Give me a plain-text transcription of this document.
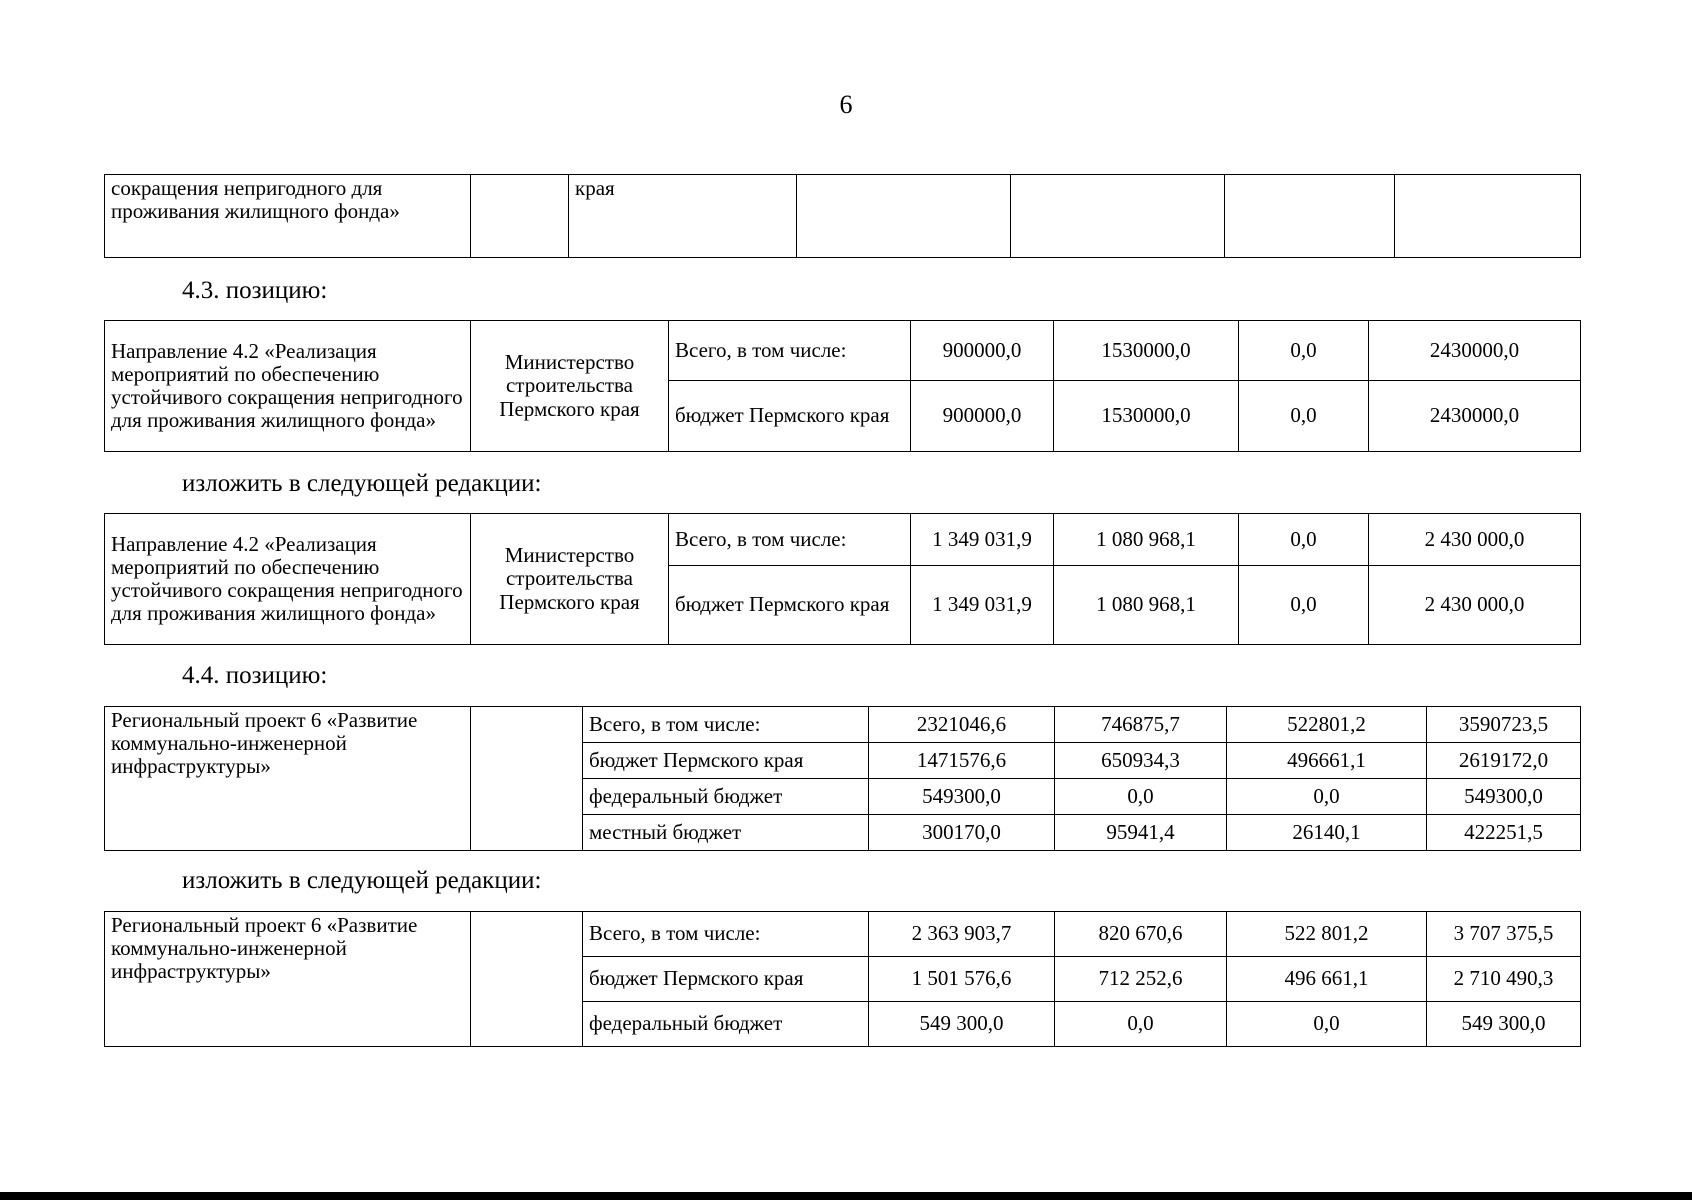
6
сокращения непригодного для проживания жилищного фонда»		края				
4.3. позицию:
Направление 4.2 «Реализация мероприятий по обеспечению устойчивого сокращения непригодного для проживания жилищного фонда»	Министерство строительства Пермского края	Всего, в том числе:	900000,0	1530000,0	0,0	2430000,0
		бюджет Пермского края	900000,0	1530000,0	0,0	2430000,0
изложить в следующей редакции:
Направление 4.2 «Реализация мероприятий по обеспечению устойчивого сокращения непригодного для проживания жилищного фонда»	Министерство строительства Пермского края	Всего, в том числе:	1 349 031,9	1 080 968,1	0,0	2 430 000,0
		бюджет Пермского края	1 349 031,9	1 080 968,1	0,0	2 430 000,0
4.4. позицию:
Региональный проект 6 «Развитие коммунально-инженерной инфраструктуры»		Всего, в том числе:	2321046,6	746875,7	522801,2	3590723,5
		бюджет Пермского края	1471576,6	650934,3	496661,1	2619172,0
		федеральный бюджет	549300,0	0,0	0,0	549300,0
		местный бюджет	300170,0	95941,4	26140,1	422251,5
изложить в следующей редакции:
Региональный проект 6 «Развитие коммунально-инженерной инфраструктуры»		Всего, в том числе:	2 363 903,7	820 670,6	522 801,2	3 707 375,5
		бюджет Пермского края	1 501 576,6	712 252,6	496 661,1	2 710 490,3
		федеральный бюджет	549 300,0	0,0	0,0	549 300,0
